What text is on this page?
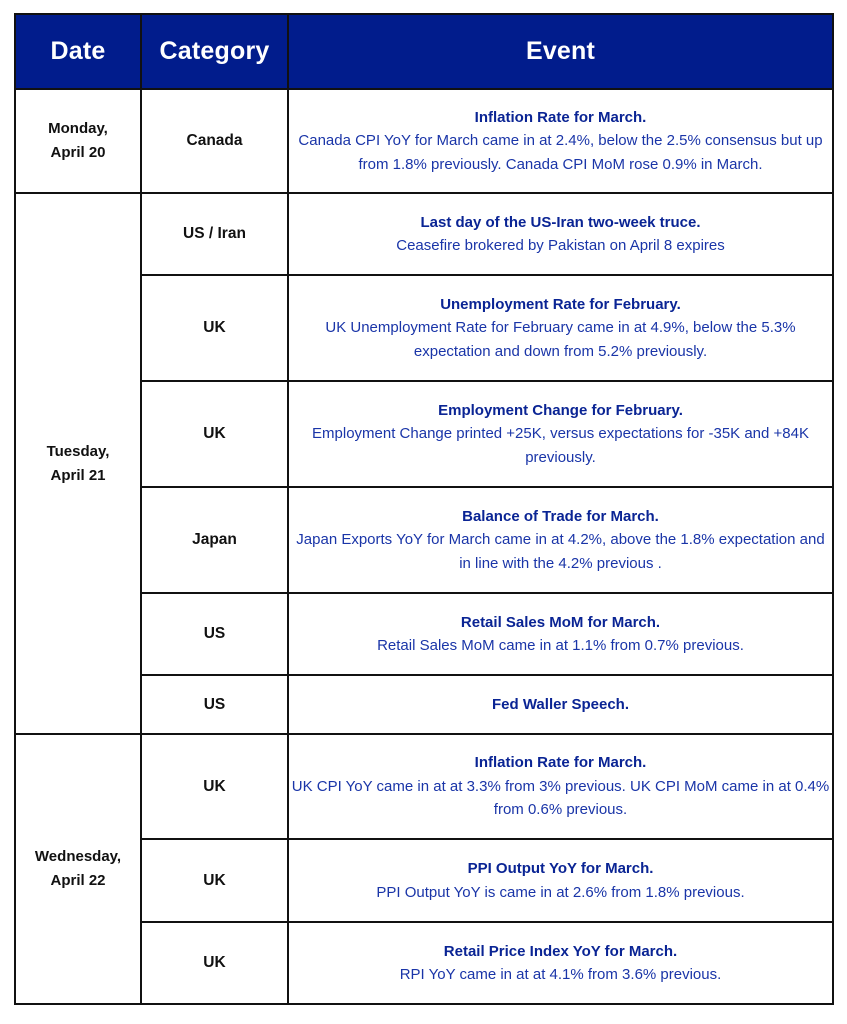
Date	Category	Event

Monday,
April 20	Canada	Inflation Rate for March.
Canada CPI YoY for March came in at 2.4%, below the 2.5% consensus but up from 1.8% previously. Canada CPI MoM rose 0.9% in March.

Tuesday,
April 21	US / Iran	Last day of the US-Iran two-week truce.
Ceasefire brokered by Pakistan on April 8 expires

	UK	Unemployment Rate for February.
UK Unemployment Rate for February came in at 4.9%, below the 5.3% expectation and down from 5.2% previously.

	UK	Employment Change for February.
Employment Change printed +25K, versus expectations for -35K and +84K previously.

	Japan	Balance of Trade for March.
Japan Exports YoY for March came in at 4.2%, above the 1.8% expectation and in line with the 4.2% previous .

	US	Retail Sales MoM for March.
Retail Sales MoM came in at 1.1% from 0.7% previous.

	US	Fed Waller Speech.

Wednesday,
April 22	UK	Inflation Rate for March.
UK CPI YoY came in at at 3.3% from 3% previous. UK CPI MoM came in at 0.4% from 0.6% previous.

	UK	PPI Output YoY for March.
PPI Output YoY is came in at 2.6% from 1.8% previous.

	UK	Retail Price Index YoY for March.
RPI YoY came in at at 4.1% from 3.6% previous.
